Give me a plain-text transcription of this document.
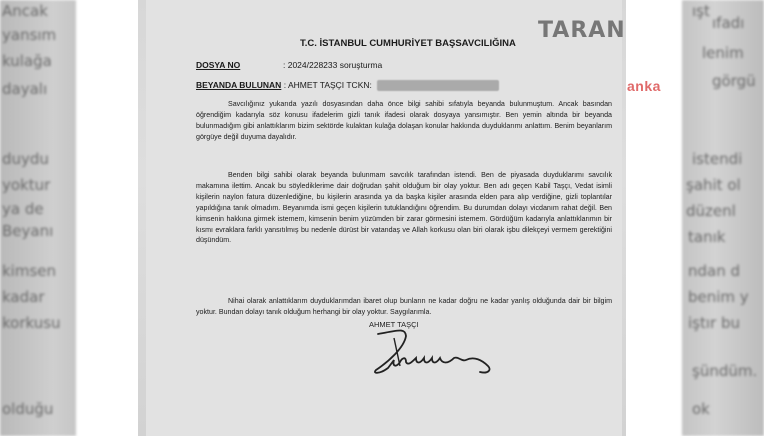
Ancak
yansım
kulağa
dayalı
duydu
yoktur
ya de
Beyanı
kimsen
kadar
korkusu
olduğu
ışt
ıfadı
lenim
görgü
istendi
şahit ol
düzenl
tanık
ndan d
benim y
iştır bu
şündüm.
ok
TARAN
T.C. İSTANBUL CUMHURİYET BAŞSAVCILIĞINA
DOSYA NO	: 2024/228233 soruşturma
BEYANDA BULUNAN : AHMET TAŞÇI TCKN:	anka
Savcılığınız yukarıda yazılı dosyasından daha önce bilgi sahibi sıfatıyla beyanda bulunmuştum. Ancak basından öğrendiğim kadarıyla söz konusu ifadelerim gizli tanık ifadesi olarak dosyaya yansımıştır. Ben yemin altında bir beyanda bulunmadığım gibi anlattıklarım bizim sektörde kulaktan kulağa dolaşan konular hakkında duyduklarımı anlattım. Benim beyanlarım görgüye değil duyuma dayalıdır.
Benden bilgi sahibi olarak beyanda bulunmam savcılık tarafından istendi. Ben de piyasada duyduklarımı savcılık makamına ilettim. Ancak bu söylediklerime dair doğrudan şahit olduğum bir olay yoktur. Ben adı geçen Kabil Taşçı, Vedat isimli kişilerin naylon fatura düzenlediğine, bu kişilerin arasında ya da başka kişiler arasında elden para alıp verdiğine, gizli toplantılar yapıldığına tanık olmadım. Beyanımda ismi geçen kişilerin tutuklandığını öğrendim. Bu durumdan dolayı vicdanım rahat değil. Ben kimsenin hakkına girmek istemem, kimsenin benim yüzümden bir zarar görmesini istemem. Gördüğüm kadarıyla anlattıklarımın bir kısmı evraklara farklı yansıtılmış bu nedenle dürüst bir vatandaş ve Allah korkusu olan biri olarak işbu dilekçeyi vermem gerektiğini düşündüm.
Nihai olarak anlattıklarım duyduklarımdan ibaret olup bunların ne kadar doğru ne kadar yanlış olduğunda dair bir bilgim yoktur. Bundan dolayı tanık olduğum herhangi bir olay yoktur. Saygılarımla.
AHMET TAŞÇI
